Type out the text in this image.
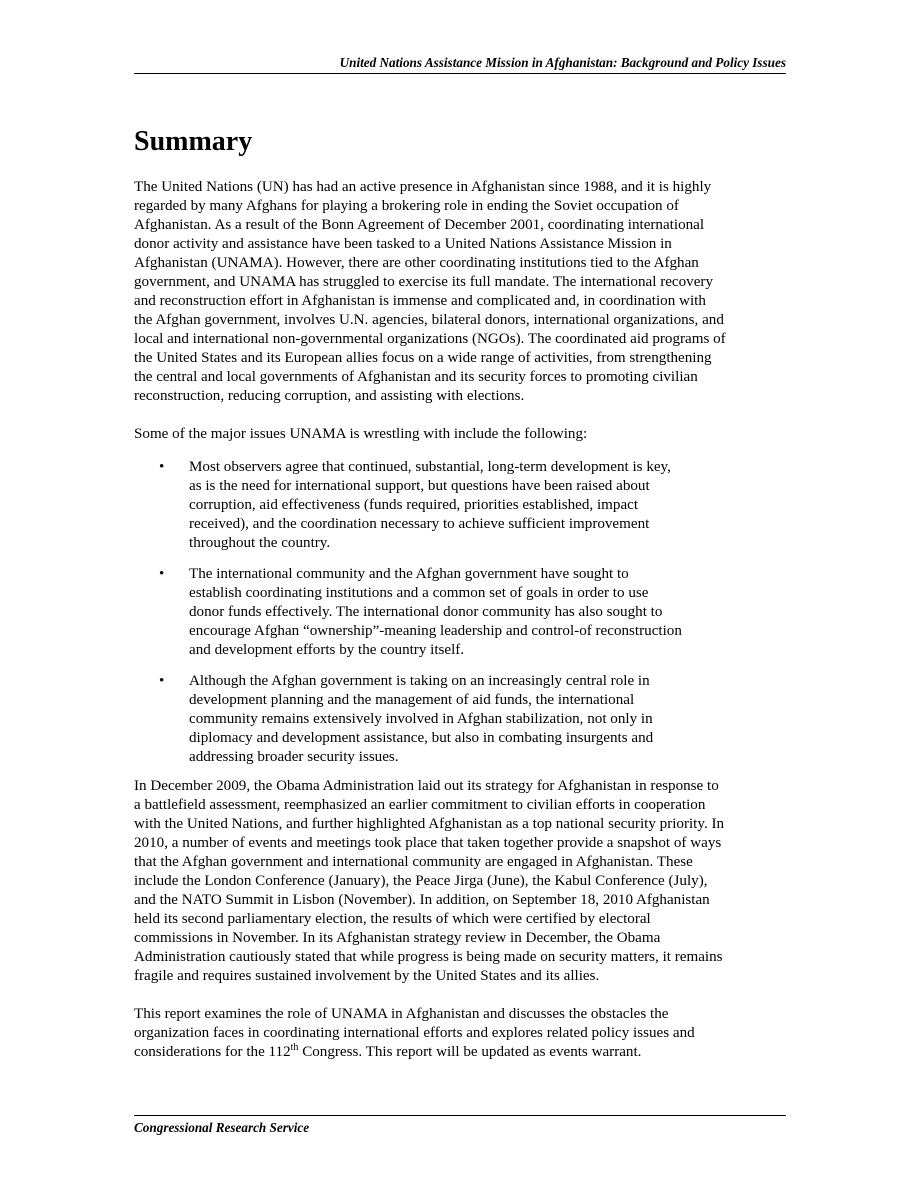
United Nations Assistance Mission in Afghanistan: Background and Policy Issues
Summary

The United Nations (UN) has had an active presence in Afghanistan since 1988, and it is highly
regarded by many Afghans for playing a brokering role in ending the Soviet occupation of
Afghanistan. As a result of the Bonn Agreement of December 2001, coordinating international
donor activity and assistance have been tasked to a United Nations Assistance Mission in
Afghanistan (UNAMA). However, there are other coordinating institutions tied to the Afghan
government, and UNAMA has struggled to exercise its full mandate. The international recovery
and reconstruction effort in Afghanistan is immense and complicated and, in coordination with
the Afghan government, involves U.N. agencies, bilateral donors, international organizations, and
local and international non-governmental organizations (NGOs). The coordinated aid programs of
the United States and its European allies focus on a wide range of activities, from strengthening
the central and local governments of Afghanistan and its security forces to promoting civilian
reconstruction, reducing corruption, and assisting with elections.

Some of the major issues UNAMA is wrestling with include the following:

• Most observers agree that continued, substantial, long-term development is key,
as is the need for international support, but questions have been raised about
corruption, aid effectiveness (funds required, priorities established, impact
received), and the coordination necessary to achieve sufficient improvement
throughout the country.
• The international community and the Afghan government have sought to
establish coordinating institutions and a common set of goals in order to use
donor funds effectively. The international donor community has also sought to
encourage Afghan “ownership”-meaning leadership and control-of reconstruction
and development efforts by the country itself.
• Although the Afghan government is taking on an increasingly central role in
development planning and the management of aid funds, the international
community remains extensively involved in Afghan stabilization, not only in
diplomacy and development assistance, but also in combating insurgents and
addressing broader security issues.

In December 2009, the Obama Administration laid out its strategy for Afghanistan in response to
a battlefield assessment, reemphasized an earlier commitment to civilian efforts in cooperation
with the United Nations, and further highlighted Afghanistan as a top national security priority. In
2010, a number of events and meetings took place that taken together provide a snapshot of ways
that the Afghan government and international community are engaged in Afghanistan. These
include the London Conference (January), the Peace Jirga (June), the Kabul Conference (July),
and the NATO Summit in Lisbon (November). In addition, on September 18, 2010 Afghanistan
held its second parliamentary election, the results of which were certified by electoral
commissions in November. In its Afghanistan strategy review in December, the Obama
Administration cautiously stated that while progress is being made on security matters, it remains
fragile and requires sustained involvement by the United States and its allies.

This report examines the role of UNAMA in Afghanistan and discusses the obstacles the
organization faces in coordinating international efforts and explores related policy issues and
considerations for the 112th Congress. This report will be updated as events warrant.

Congressional Research Service
